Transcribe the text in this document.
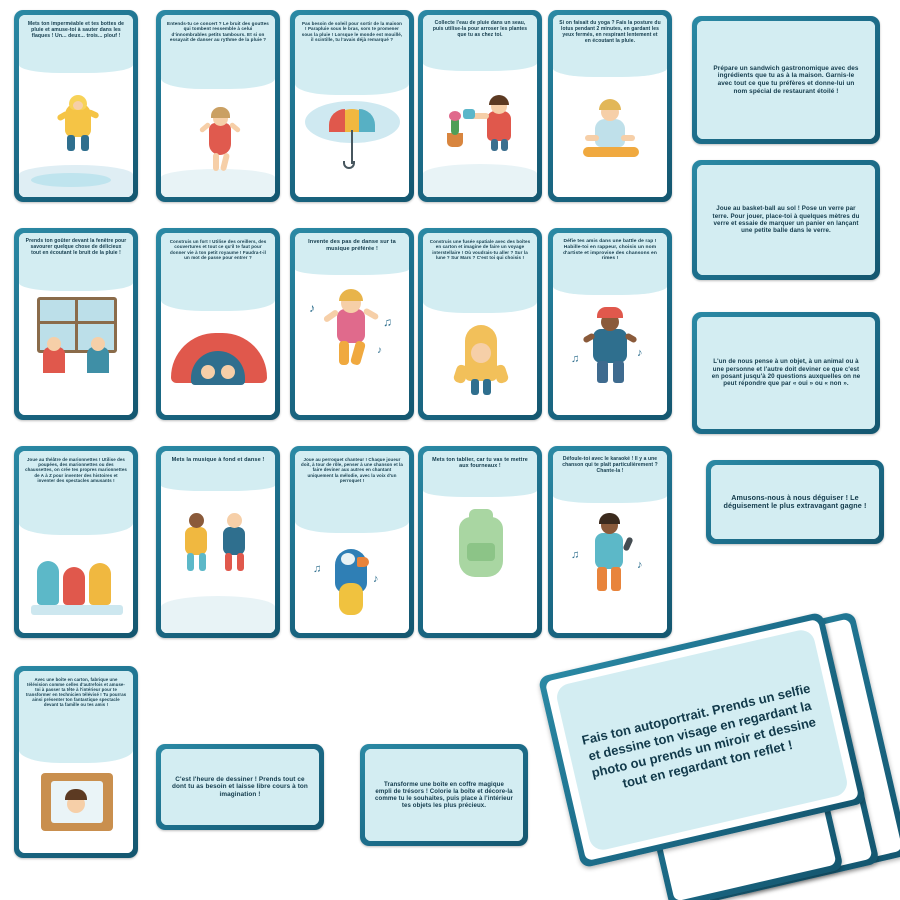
Mets ton imperméable et tes bottes de pluie et amuse-toi à sauter dans les flaques ! Un... deux... trois... plouf !
Entends-tu ce concert ? Le bruit des gouttes qui tombent ressemble à celui d'innombrables petits tambours. Et si on essayait de danser au rythme de la pluie ?
Pas besoin de soleil pour sortir de la maison ! Parapluie sous le bras, sors te promener sous la pluie ! Lorsque le monde est mouillé, il scintille, tu l'avais déjà remarqué ?
Collecte l'eau de pluie dans un seau, puis utilise-la pour arroser les plantes que tu as chez toi.
Si on faisait du yoga ? Fais la posture du lotus pendant 2 minutes, en gardant les yeux fermés, en respirant lentement et en écoutant la pluie.
Prépare un sandwich gastronomique avec des ingrédients que tu as à la maison. Garnis-le avec tout ce que tu préfères et donne-lui un nom spécial de restaurant étoilé !
Joue au basket-ball au sol ! Pose un verre par terre. Pour jouer, place-toi à quelques mètres du verre et essaie de marquer un panier en lançant une petite balle dans le verre.
L'un de nous pense à un objet, à un animal ou à une personne et l'autre doit deviner ce que c'est en posant jusqu'à 20 questions auxquelles on ne peut répondre que par « oui » ou « non ».
Amusons-nous à nous déguiser ! Le déguisement le plus extravagant gagne !
Prends ton goûter devant la fenêtre pour savourer quelque chose de délicieux tout en écoutant le bruit de la pluie !
Construis un fort ! Utilise des oreillers, des couvertures et tout ce qu'il te faut pour donner vie à ton petit royaume ! Faudra-t-il un mot de passe pour entrer ?
Invente des pas de danse sur ta musique préférée !
♪
♫
♪
Construis une fusée spatiale avec des boîtes en carton et imagine de faire un voyage interstellaire ! Où voudrais-tu aller ? Sur la lune ? Sur Mars ? C'est toi qui choisis !
Défie tes amis dans une battle de rap ! Habille-toi en rappeur, choisis un nom d'artiste et improvise des chansons en rimes !
♪
♫
Joue au théâtre de marionnettes ! Utilise des poupées, des marionnettes ou des chaussettes, on crée tes propres marionnettes de A à Z pour inventer des histoires et inventer des spectacles amusants !
Mets la musique à fond et danse !	Joue au perroquet chanteur ! Chaque joueur doit, à tour de rôle, penser à une chanson et la faire deviner aux autres en chantant uniquement la mélodie, avec la voix d'un perroquet !
♪
♫
Mets ton tablier, car tu vas te mettre aux fourneaux !
Défoule-toi avec le karaoké ! Il y a une chanson qui te plaît particulièrement ? Chante-la !
♪
♫
Avec une boîte en carton, fabrique une télévision comme celles d'autrefois et amuse-toi à passer ta tête à l'intérieur pour te transformer en technicien télévisé ! Tu pourras ainsi présenter ton fantastique spectacle devant ta famille ou tes amis !
C'est l'heure de dessiner ! Prends tout ce dont tu as besoin et laisse libre cours à ton imagination !
Transforme une boîte en coffre magique empli de trésors ! Colorie la boîte et décore-la comme tu le souhaites, puis place à l'intérieur tes objets les plus précieux.
Fais ton autoportrait. Prends un selfie et dessine ton visage en regardant la photo ou prends un miroir et dessine tout en regardant ton reflet !
